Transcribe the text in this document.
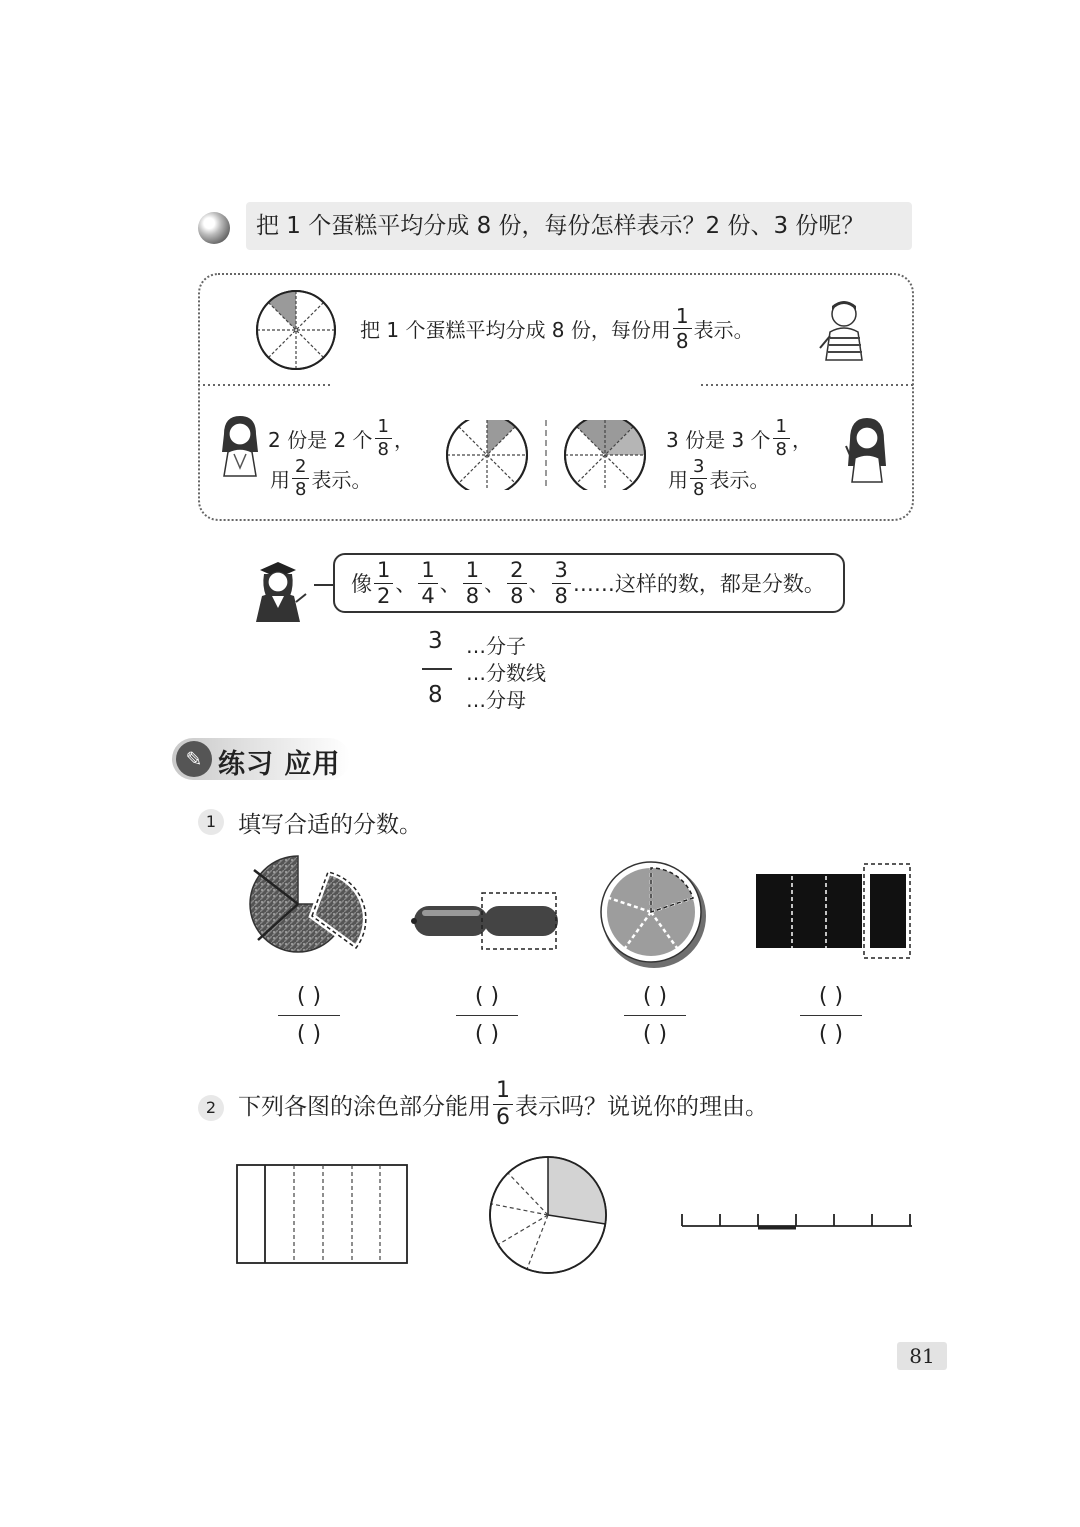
把 1 个蛋糕平均分成 8 份，每份怎样表示？2 份、3 份呢？
把 1 个蛋糕平均分成 8 份，每份用 $\frac{1}{8}$ 表示。
2 份是 2 个 $\frac{1}{8}$ ，
用 $\frac{2}{8}$ 表示。
3 份是 3 个 $\frac{1}{8}$ ，
用 $\frac{3}{8}$ 表示。
像 $\frac{1}{2}$ 、 $\frac{1}{4}$ 、 $\frac{1}{8}$ 、 $\frac{2}{8}$ 、 $\frac{3}{8}$ ……这样的数，都是分数。
3
8
…分子
…分数线
…分母
✎ 练习 应用
1 填写合适的分数。
( )
( )
( )
( )
( )
( )
( )
( )
2 下列各图的涂色部分能用 $\frac{1}{6}$ 表示吗？说说你的理由。
81
